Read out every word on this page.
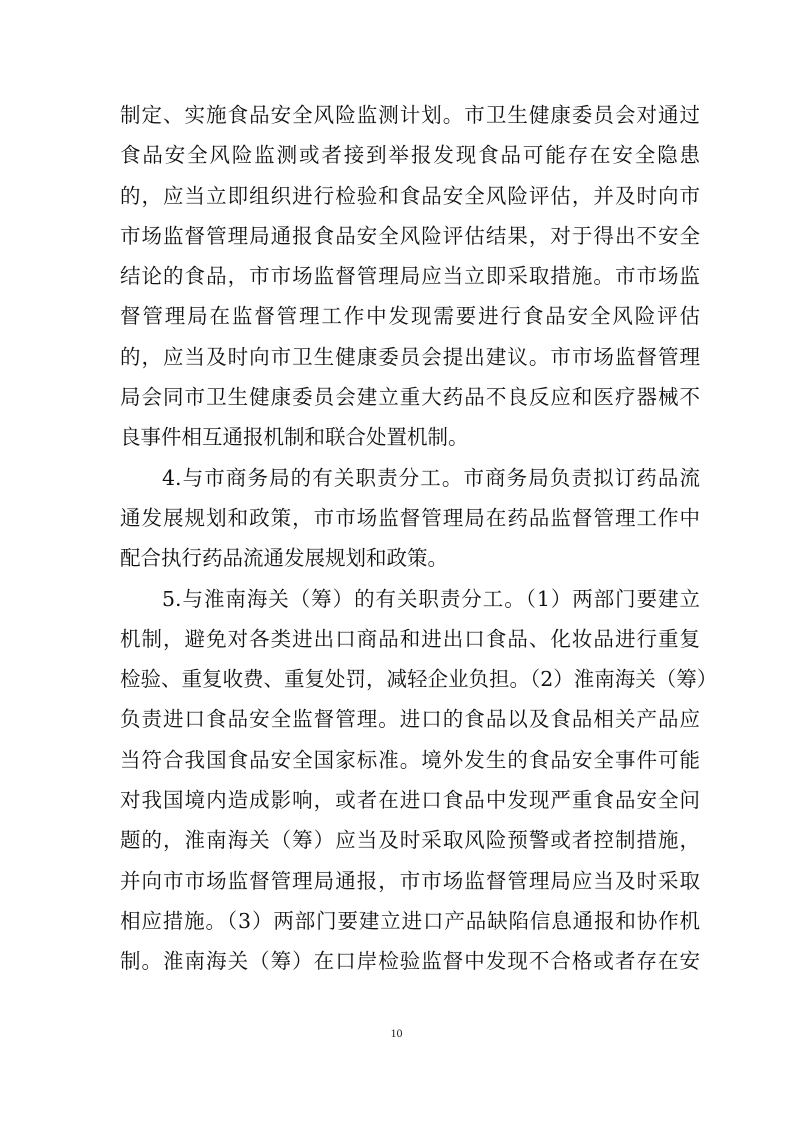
制定、实施食品安全风险监测计划。市卫生健康委员会对通过
食品安全风险监测或者接到举报发现食品可能存在安全隐患
的，应当立即组织进行检验和食品安全风险评估，并及时向市
市场监督管理局通报食品安全风险评估结果，对于得出不安全
结论的食品，市市场监督管理局应当立即采取措施。市市场监
督管理局在监督管理工作中发现需要进行食品安全风险评估
的，应当及时向市卫生健康委员会提出建议。市市场监督管理
局会同市卫生健康委员会建立重大药品不良反应和医疗器械不
良事件相互通报机制和联合处置机制。
4.与市商务局的有关职责分工。市商务局负责拟订药品流
通发展规划和政策，市市场监督管理局在药品监督管理工作中
配合执行药品流通发展规划和政策。
5.与淮南海关（筹）的有关职责分工。（1）两部门要建立
机制，避免对各类进出口商品和进出口食品、化妆品进行重复
检验、重复收费、重复处罚，减轻企业负担。（2）淮南海关（筹）
负责进口食品安全监督管理。进口的食品以及食品相关产品应
当符合我国食品安全国家标准。境外发生的食品安全事件可能
对我国境内造成影响，或者在进口食品中发现严重食品安全问
题的，淮南海关（筹）应当及时采取风险预警或者控制措施，
并向市市场监督管理局通报，市市场监督管理局应当及时采取
相应措施。（3）两部门要建立进口产品缺陷信息通报和协作机
制。淮南海关（筹）在口岸检验监督中发现不合格或者存在安
10
